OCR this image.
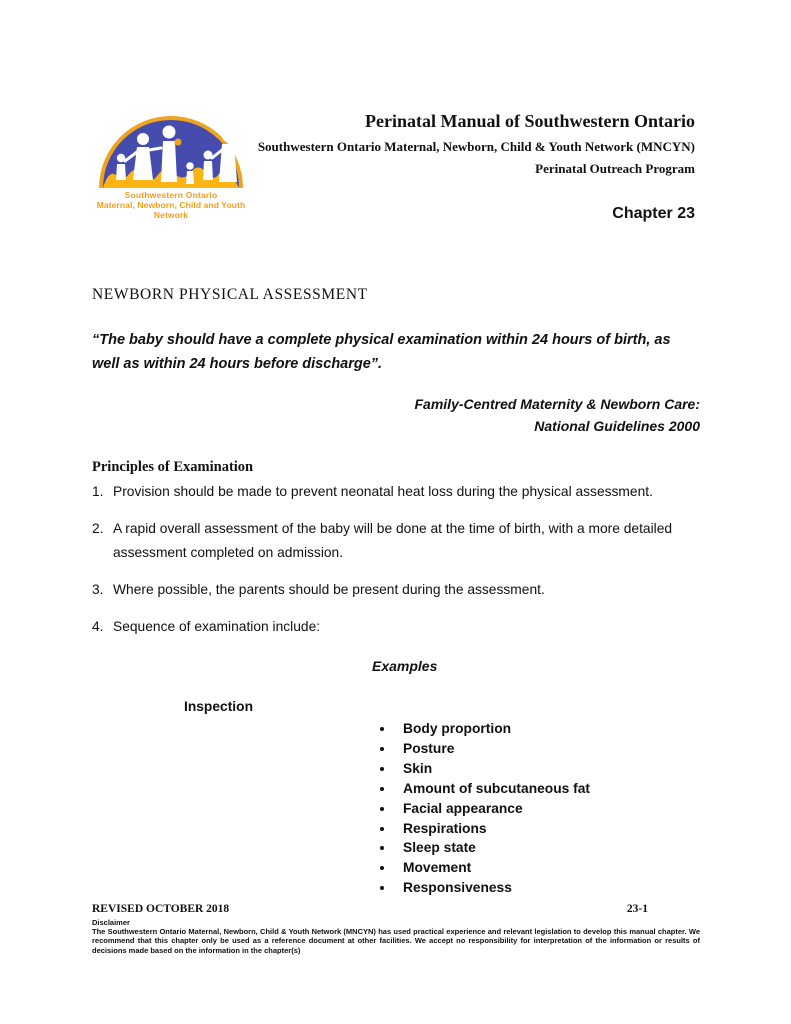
Southwestern Ontario
Maternal, Newborn, Child and Youth Network
Perinatal Manual of Southwestern Ontario
Southwestern Ontario Maternal, Newborn, Child & Youth Network (MNCYN)
Perinatal Outreach Program
Chapter 23
NEWBORN PHYSICAL ASSESSMENT
“The baby should have a complete physical examination within 24 hours of birth, as well as within 24 hours before discharge”.
Family-Centred Maternity & Newborn Care:
National Guidelines 2000
Principles of Examination
1. Provision should be made to prevent neonatal heat loss during the physical assessment.
2. A rapid overall assessment of the baby will be done at the time of birth, with a more detailed assessment completed on admission.
3. Where possible, the parents should be present during the assessment.
4. Sequence of examination include:
Examples
Inspection
• Body proportion
• Posture
• Skin
• Amount of subcutaneous fat
• Facial appearance
• Respirations
• Sleep state
• Movement
• Responsiveness
REVISED OCTOBER 2018	23-1
Disclaimer
The Southwestern Ontario Maternal, Newborn, Child & Youth Network (MNCYN) has used practical experience and relevant legislation to develop this manual chapter. We recommend that this chapter only be used as a reference document at other facilities. We accept no responsibility for interpretation of the information or results of decisions made based on the information in the chapter(s)
